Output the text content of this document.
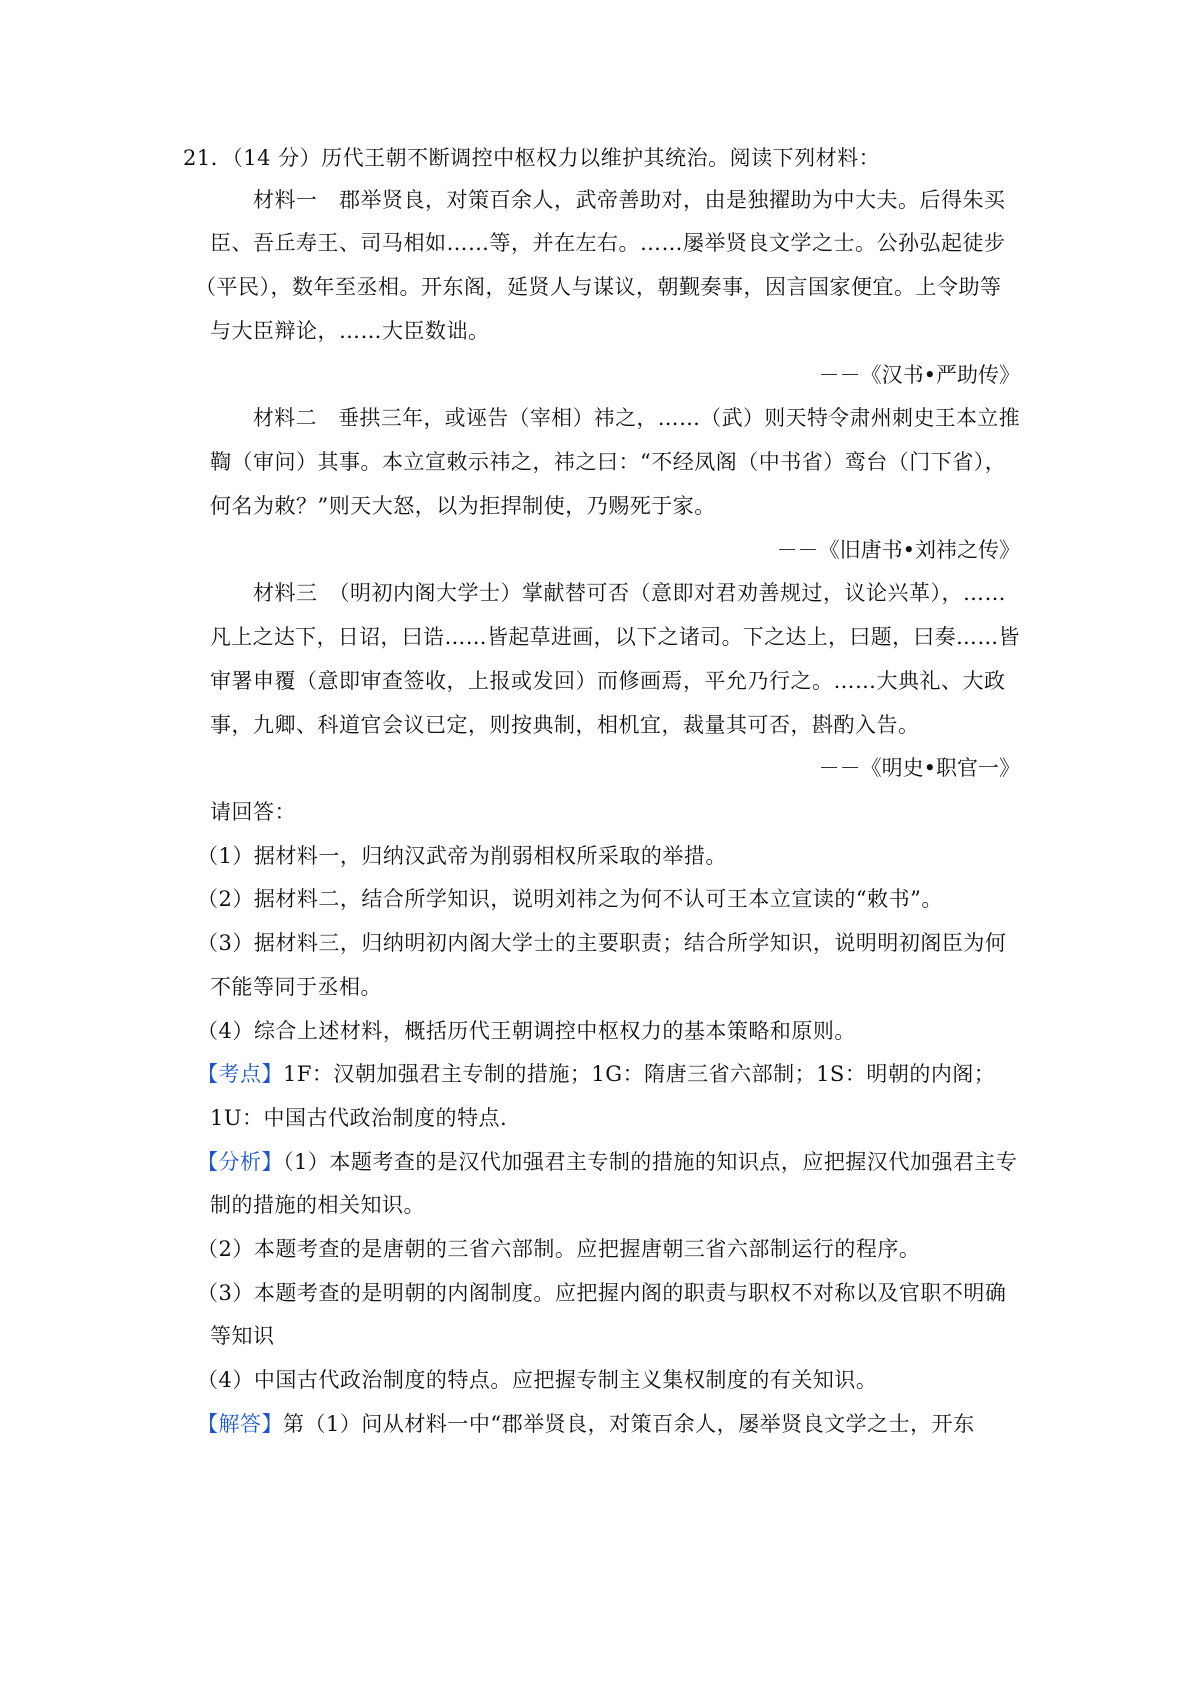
21．（14 分）历代王朝不断调控中枢权力以维护其统治。阅读下列材料：
材料一　郡举贤良，对策百余人，武帝善助对，由是独擢助为中大夫。后得朱买
臣、吾丘寿王、司马相如……等，并在左右。……屡举贤良文学之士。公孙弘起徒步
（平民），数年至丞相。开东阁，延贤人与谋议，朝觐奏事，因言国家便宜。上令助等
与大臣辩论，……大臣数诎。
－－《汉书•严助传》
材料二　垂拱三年，或诬告（宰相）祎之，……（武）则天特令肃州刺史王本立推
鞫（审问）其事。本立宣敕示祎之，祎之曰：“不经凤阁（中书省）鸾台（门下省），
何名为敕？”则天大怒，以为拒捍制使，乃赐死于家。
－－《旧唐书•刘祎之传》
材料三　（明初内阁大学士）掌献替可否（意即对君劝善规过，议论兴革），……
凡上之达下，日诏，曰诰……皆起草进画，以下之诸司。下之达上，曰题，曰奏……皆
审署申覆（意即审查签收，上报或发回）而修画焉，平允乃行之。……大典礼、大政
事，九卿、科道官会议已定，则按典制，相机宜，裁量其可否，斟酌入告。
－－《明史•职官一》
请回答：
（1）据材料一，归纳汉武帝为削弱相权所采取的举措。
（2）据材料二，结合所学知识，说明刘祎之为何不认可王本立宣读的“敕书”。
（3）据材料三，归纳明初内阁大学士的主要职责；结合所学知识，说明明初阁臣为何
不能等同于丞相。
（4）综合上述材料，概括历代王朝调控中枢权力的基本策略和原则。
【考点】1F：汉朝加强君主专制的措施；1G：隋唐三省六部制；1S：明朝的内阁；
1U：中国古代政治制度的特点.
【分析】（1）本题考查的是汉代加强君主专制的措施的知识点，应把握汉代加强君主专
制的措施的相关知识。
（2）本题考查的是唐朝的三省六部制。应把握唐朝三省六部制运行的程序。
（3）本题考查的是明朝的内阁制度。应把握内阁的职责与职权不对称以及官职不明确
等知识
（4）中国古代政治制度的特点。应把握专制主义集权制度的有关知识。
【解答】第（1）问从材料一中“郡举贤良，对策百余人，屡举贤良文学之士，开东
